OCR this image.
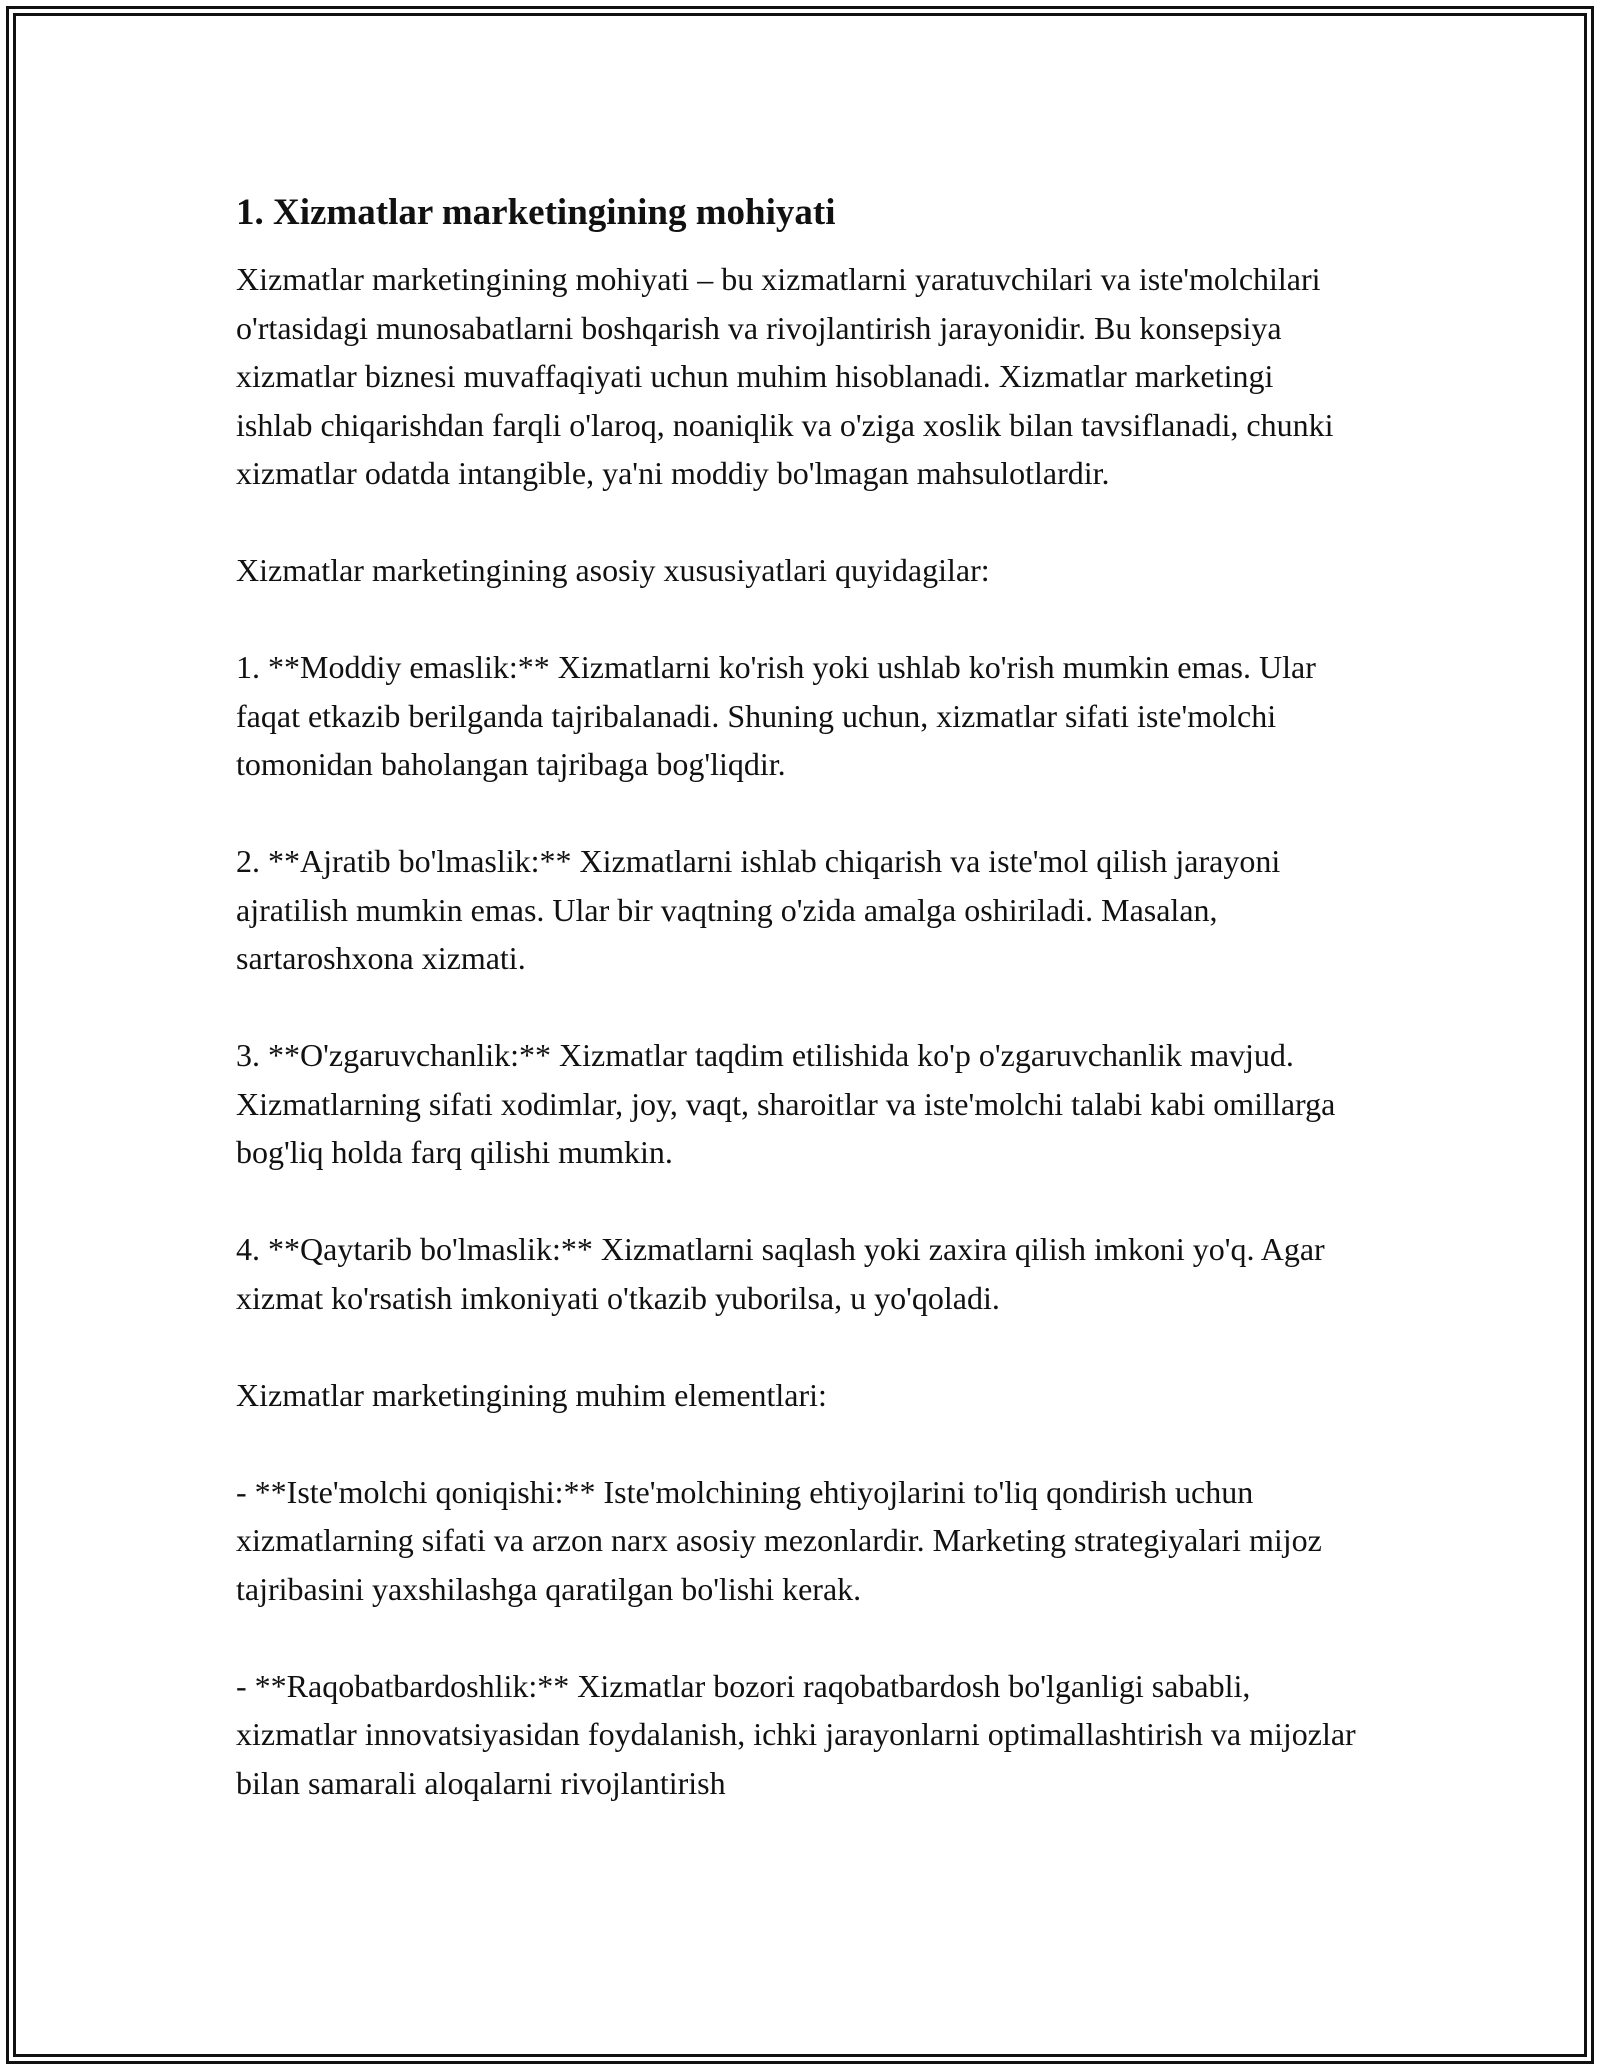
1. Xizmatlar marketingining mohiyati

Xizmatlar marketingining mohiyati – bu xizmatlarni yaratuvchilari va iste'molchilari o'rtasidagi munosabatlarni boshqarish va rivojlantirish jarayonidir. Bu konsepsiya xizmatlar biznesi muvaffaqiyati uchun muhim hisoblanadi. Xizmatlar marketingi ishlab chiqarishdan farqli o'laroq, noaniqlik va o'ziga xoslik bilan tavsiflanadi, chunki xizmatlar odatda intangible, ya'ni moddiy bo'lmagan mahsulotlardir.

Xizmatlar marketingining asosiy xususiyatlari quyidagilar:

1. **Moddiy emaslik:** Xizmatlarni ko'rish yoki ushlab ko'rish mumkin emas. Ular faqat etkazib berilganda tajribalanadi. Shuning uchun, xizmatlar sifati iste'molchi tomonidan baholangan tajribaga bog'liqdir.

2. **Ajratib bo'lmaslik:** Xizmatlarni ishlab chiqarish va iste'mol qilish jarayoni ajratilish mumkin emas. Ular bir vaqtning o'zida amalga oshiriladi. Masalan, sartaroshxona xizmati.

3. **O'zgaruvchanlik:** Xizmatlar taqdim etilishida ko'p o'zgaruvchanlik mavjud. Xizmatlarning sifati xodimlar, joy, vaqt, sharoitlar va iste'molchi talabi kabi omillarga bog'liq holda farq qilishi mumkin.

4. **Qaytarib bo'lmaslik:** Xizmatlarni saqlash yoki zaxira qilish imkoni yo'q. Agar xizmat ko'rsatish imkoniyati o'tkazib yuborilsa, u yo'qoladi.

Xizmatlar marketingining muhim elementlari:

- **Iste'molchi qoniqishi:** Iste'molchining ehtiyojlarini to'liq qondirish uchun xizmatlarning sifati va arzon narx asosiy mezonlardir. Marketing strategiyalari mijoz tajribasini yaxshilashga qaratilgan bo'lishi kerak.

- **Raqobatbardoshlik:** Xizmatlar bozori raqobatbardosh bo'lganligi sababli, xizmatlar innovatsiyasidan foydalanish, ichki jarayonlarni optimallashtirish va mijozlar bilan samarali aloqalarni rivojlantirish
